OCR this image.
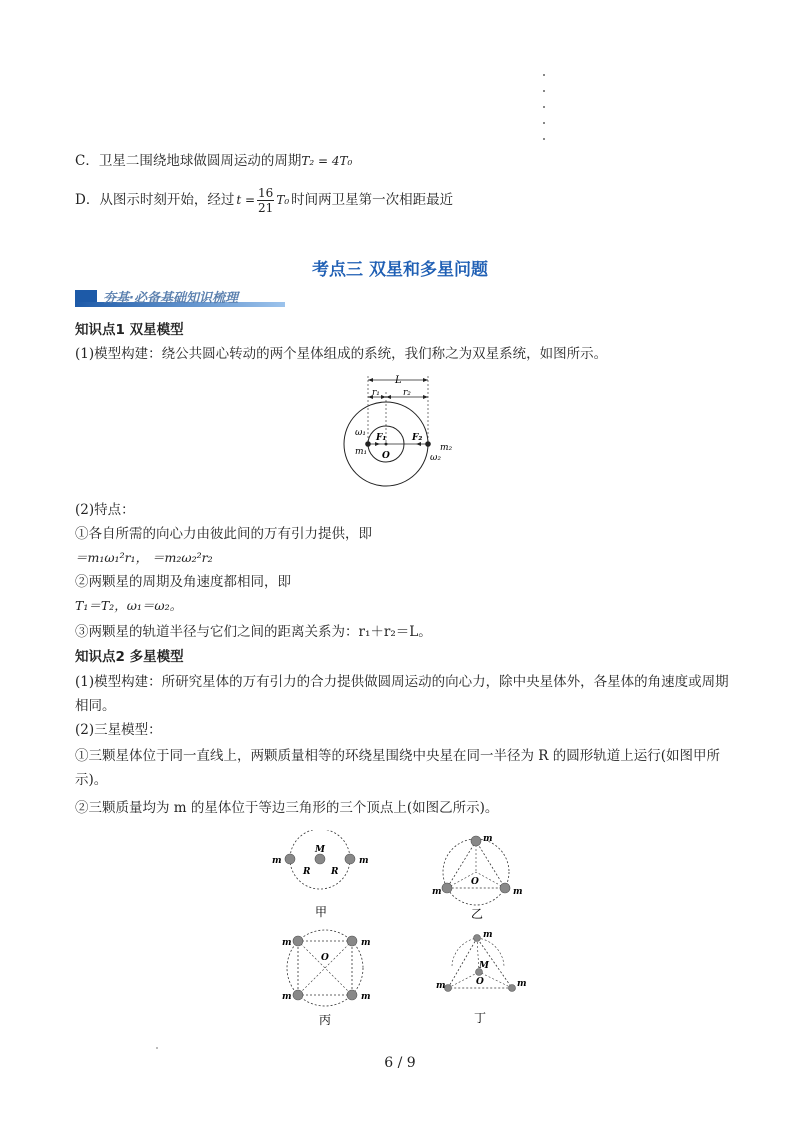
C．卫星二围绕地球做圆周运动的周期T₂ = 4T₀
D．从图示时刻开始，经过 $t = \frac{16}{21} T_0$ 时间两卫星第一次相距最近
考点三 双星和多星问题
夯基·必备基础知识梳理
知识点1 双星模型
(1)模型构建：绕公共圆心转动的两个星体组成的系统，我们称之为双星系统，如图所示。
L
r₁	r₂
F₁	F₂
O
ω₁
m₁	m₂
ω₂
(2)特点：
①各自所需的向心力由彼此间的万有引力提供，即
＝m₁ω₁²r₁， ＝m₂ω₂²r₂
②两颗星的周期及角速度都相同，即
T₁＝T₂，ω₁＝ω₂。
③两颗星的轨道半径与它们之间的距离关系为：r₁＋r₂＝L。
知识点2 多星模型
(1)模型构建：所研究星体的万有引力的合力提供做圆周运动的向心力，除中央星体外，各星体的角速度或周期相同。
(2)三星模型：
①三颗星体位于同一直线上，两颗质量相等的环绕星围绕中央星在同一半径为 R 的圆形轨道上运行(如图甲所示)。
②三颗质量均为 m 的星体位于等边三角形的三个顶点上(如图乙所示)。
m	m
M
R R
甲
m
m	m
O
乙
m	m
m	m
O
丙
m
m	m
M
O
丁
6 / 9
